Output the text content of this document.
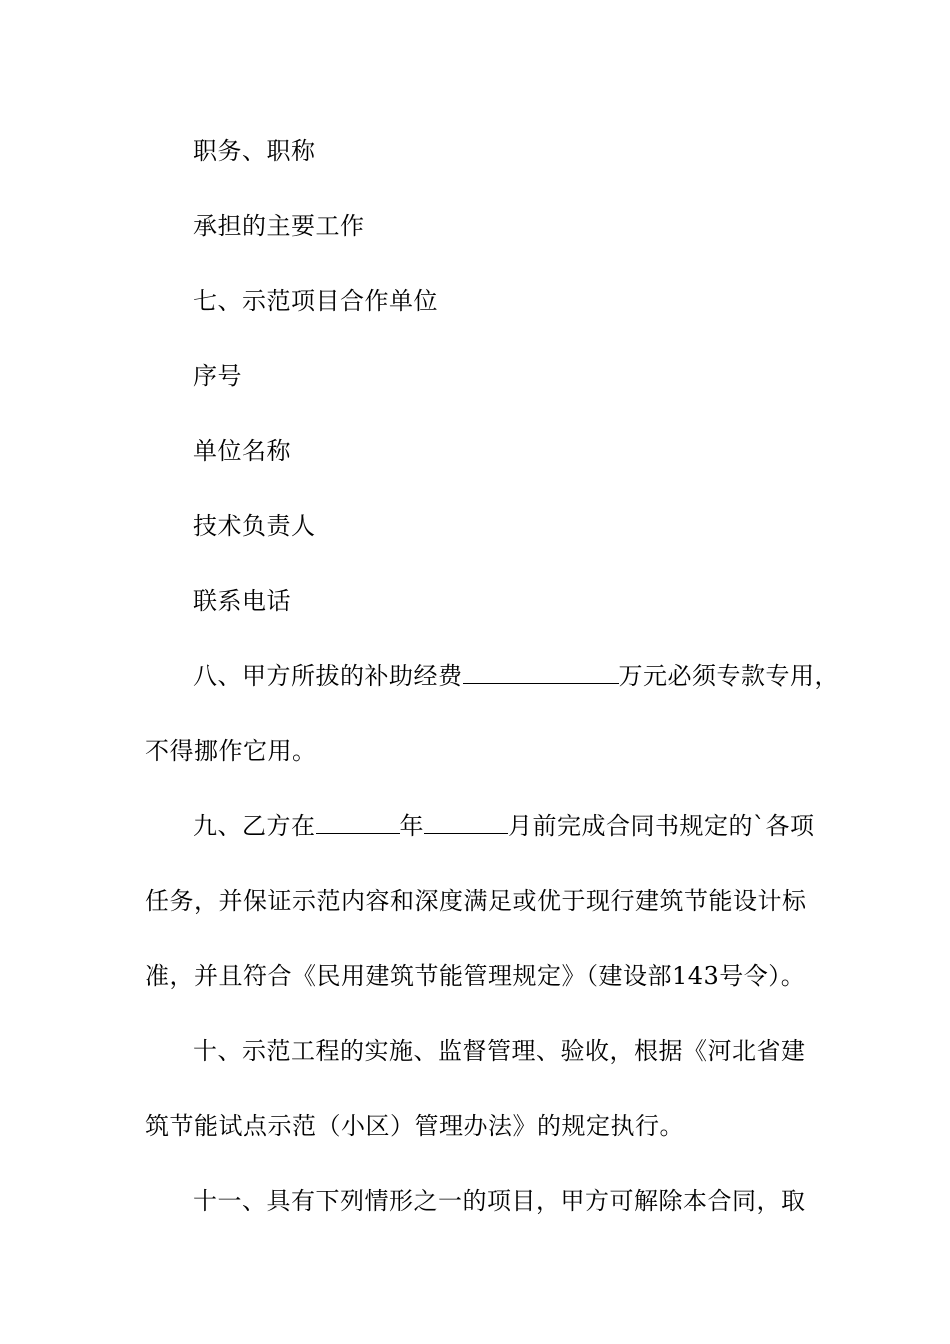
职务、职称
承担的主要工作
七、示范项目合作单位
序号
单位名称
技术负责人
联系电话
八、甲方所拔的补助经费	万元必须专款专用，
不得挪作它用。
九、乙方在	年	月前完成合同书规定的`各项
任务，并保证示范内容和深度满足或优于现行建筑节能设计标
准，并且符合《民用建筑节能管理规定》（建设部143号令）。
十、示范工程的实施、监督管理、验收，根据《河北省建
筑节能试点示范（小区）管理办法》的规定执行。
十一、具有下列情形之一的项目，甲方可解除本合同，取
